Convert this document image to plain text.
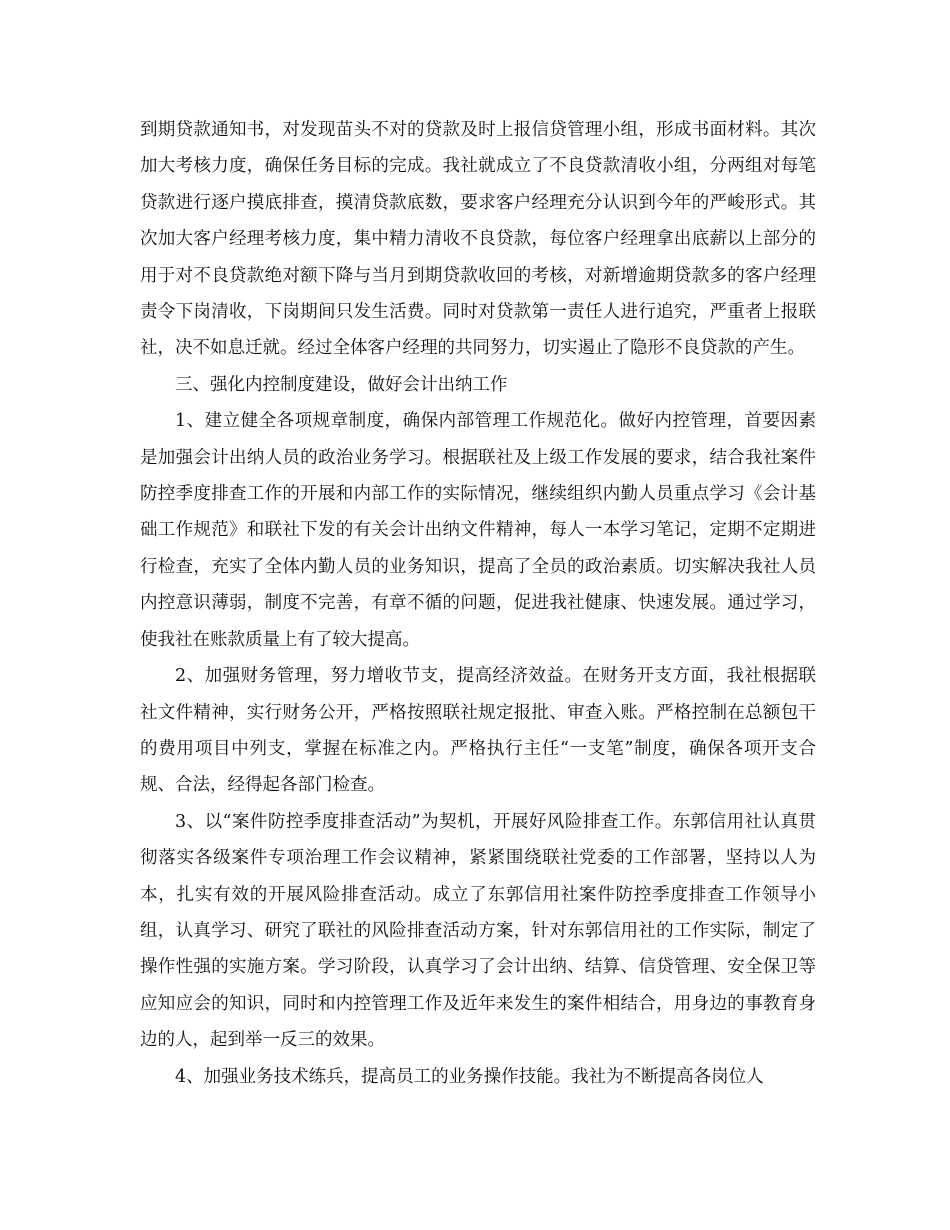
到期贷款通知书，对发现苗头不对的贷款及时上报信贷管理小组，形成书面材料。其次加大考核力度，确保任务目标的完成。我社就成立了不良贷款清收小组，分两组对每笔贷款进行逐户摸底排查，摸清贷款底数，要求客户经理充分认识到今年的严峻形式。其次加大客户经理考核力度，集中精力清收不良贷款，每位客户经理拿出底薪以上部分的用于对不良贷款绝对额下降与当月到期贷款收回的考核，对新增逾期贷款多的客户经理责令下岗清收，下岗期间只发生活费。同时对贷款第一责任人进行追究，严重者上报联社，决不如息迁就。经过全体客户经理的共同努力，切实遏止了隐形不良贷款的产生。

三、强化内控制度建设，做好会计出纳工作

1、建立健全各项规章制度，确保内部管理工作规范化。做好内控管理，首要因素是加强会计出纳人员的政治业务学习。根据联社及上级工作发展的要求，结合我社案件防控季度排查工作的开展和内部工作的实际情况，继续组织内勤人员重点学习《会计基础工作规范》和联社下发的有关会计出纳文件精神，每人一本学习笔记，定期不定期进行检查，充实了全体内勤人员的业务知识，提高了全员的政治素质。切实解决我社人员内控意识薄弱，制度不完善，有章不循的问题，促进我社健康、快速发展。通过学习，使我社在账款质量上有了较大提高。

2、加强财务管理，努力增收节支，提高经济效益。在财务开支方面，我社根据联社文件精神，实行财务公开，严格按照联社规定报批、审查入账。严格控制在总额包干的费用项目中列支，掌握在标准之内。严格执行主任“一支笔”制度，确保各项开支合规、合法，经得起各部门检查。

3、以“案件防控季度排查活动”为契机，开展好风险排查工作。东郭信用社认真贯彻落实各级案件专项治理工作会议精神，紧紧围绕联社党委的工作部署，坚持以人为本，扎实有效的开展风险排查活动。成立了东郭信用社案件防控季度排查工作领导小组，认真学习、研究了联社的风险排查活动方案，针对东郭信用社的工作实际，制定了操作性强的实施方案。学习阶段，认真学习了会计出纳、结算、信贷管理、安全保卫等应知应会的知识，同时和内控管理工作及近年来发生的案件相结合，用身边的事教育身边的人，起到举一反三的效果。

4、加强业务技术练兵，提高员工的业务操作技能。我社为不断提高各岗位人
